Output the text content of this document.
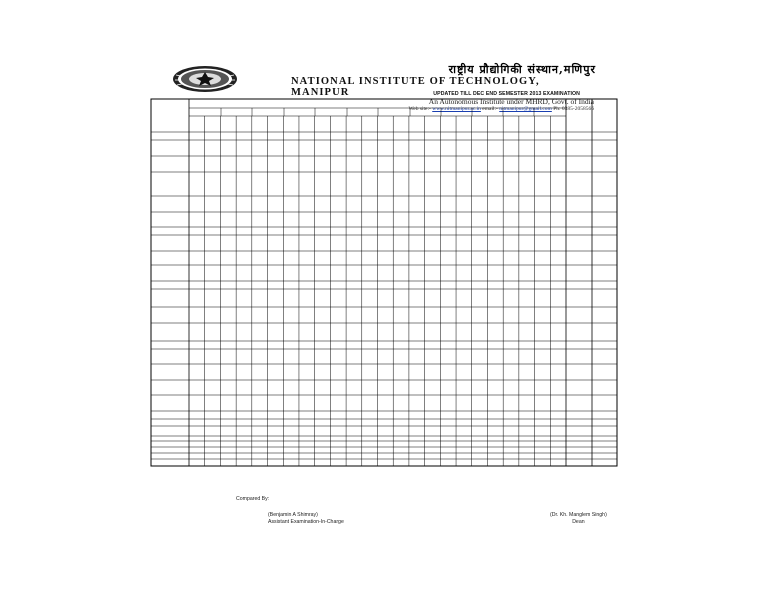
राष्ट्रीय प्रौद्योगिकी संस्थान,मणिपुर
NATIONAL INSTITUTE OF TECHNOLOGY, MANIPUR
An Autonomous Institute under MHRD, Govt. of India
Web site:- www.nitmanipur.ac.in email:- nitmanipur@gmail.com Ph: 0385-2058566
UPDATED TILL DEC END SEMESTER 2013 EXAMINATION
Compared By:
(Benjamin A Shimray)
Assistant Examination-In-Charge
(Dr. Kh. Manglem Singh)
Dean
